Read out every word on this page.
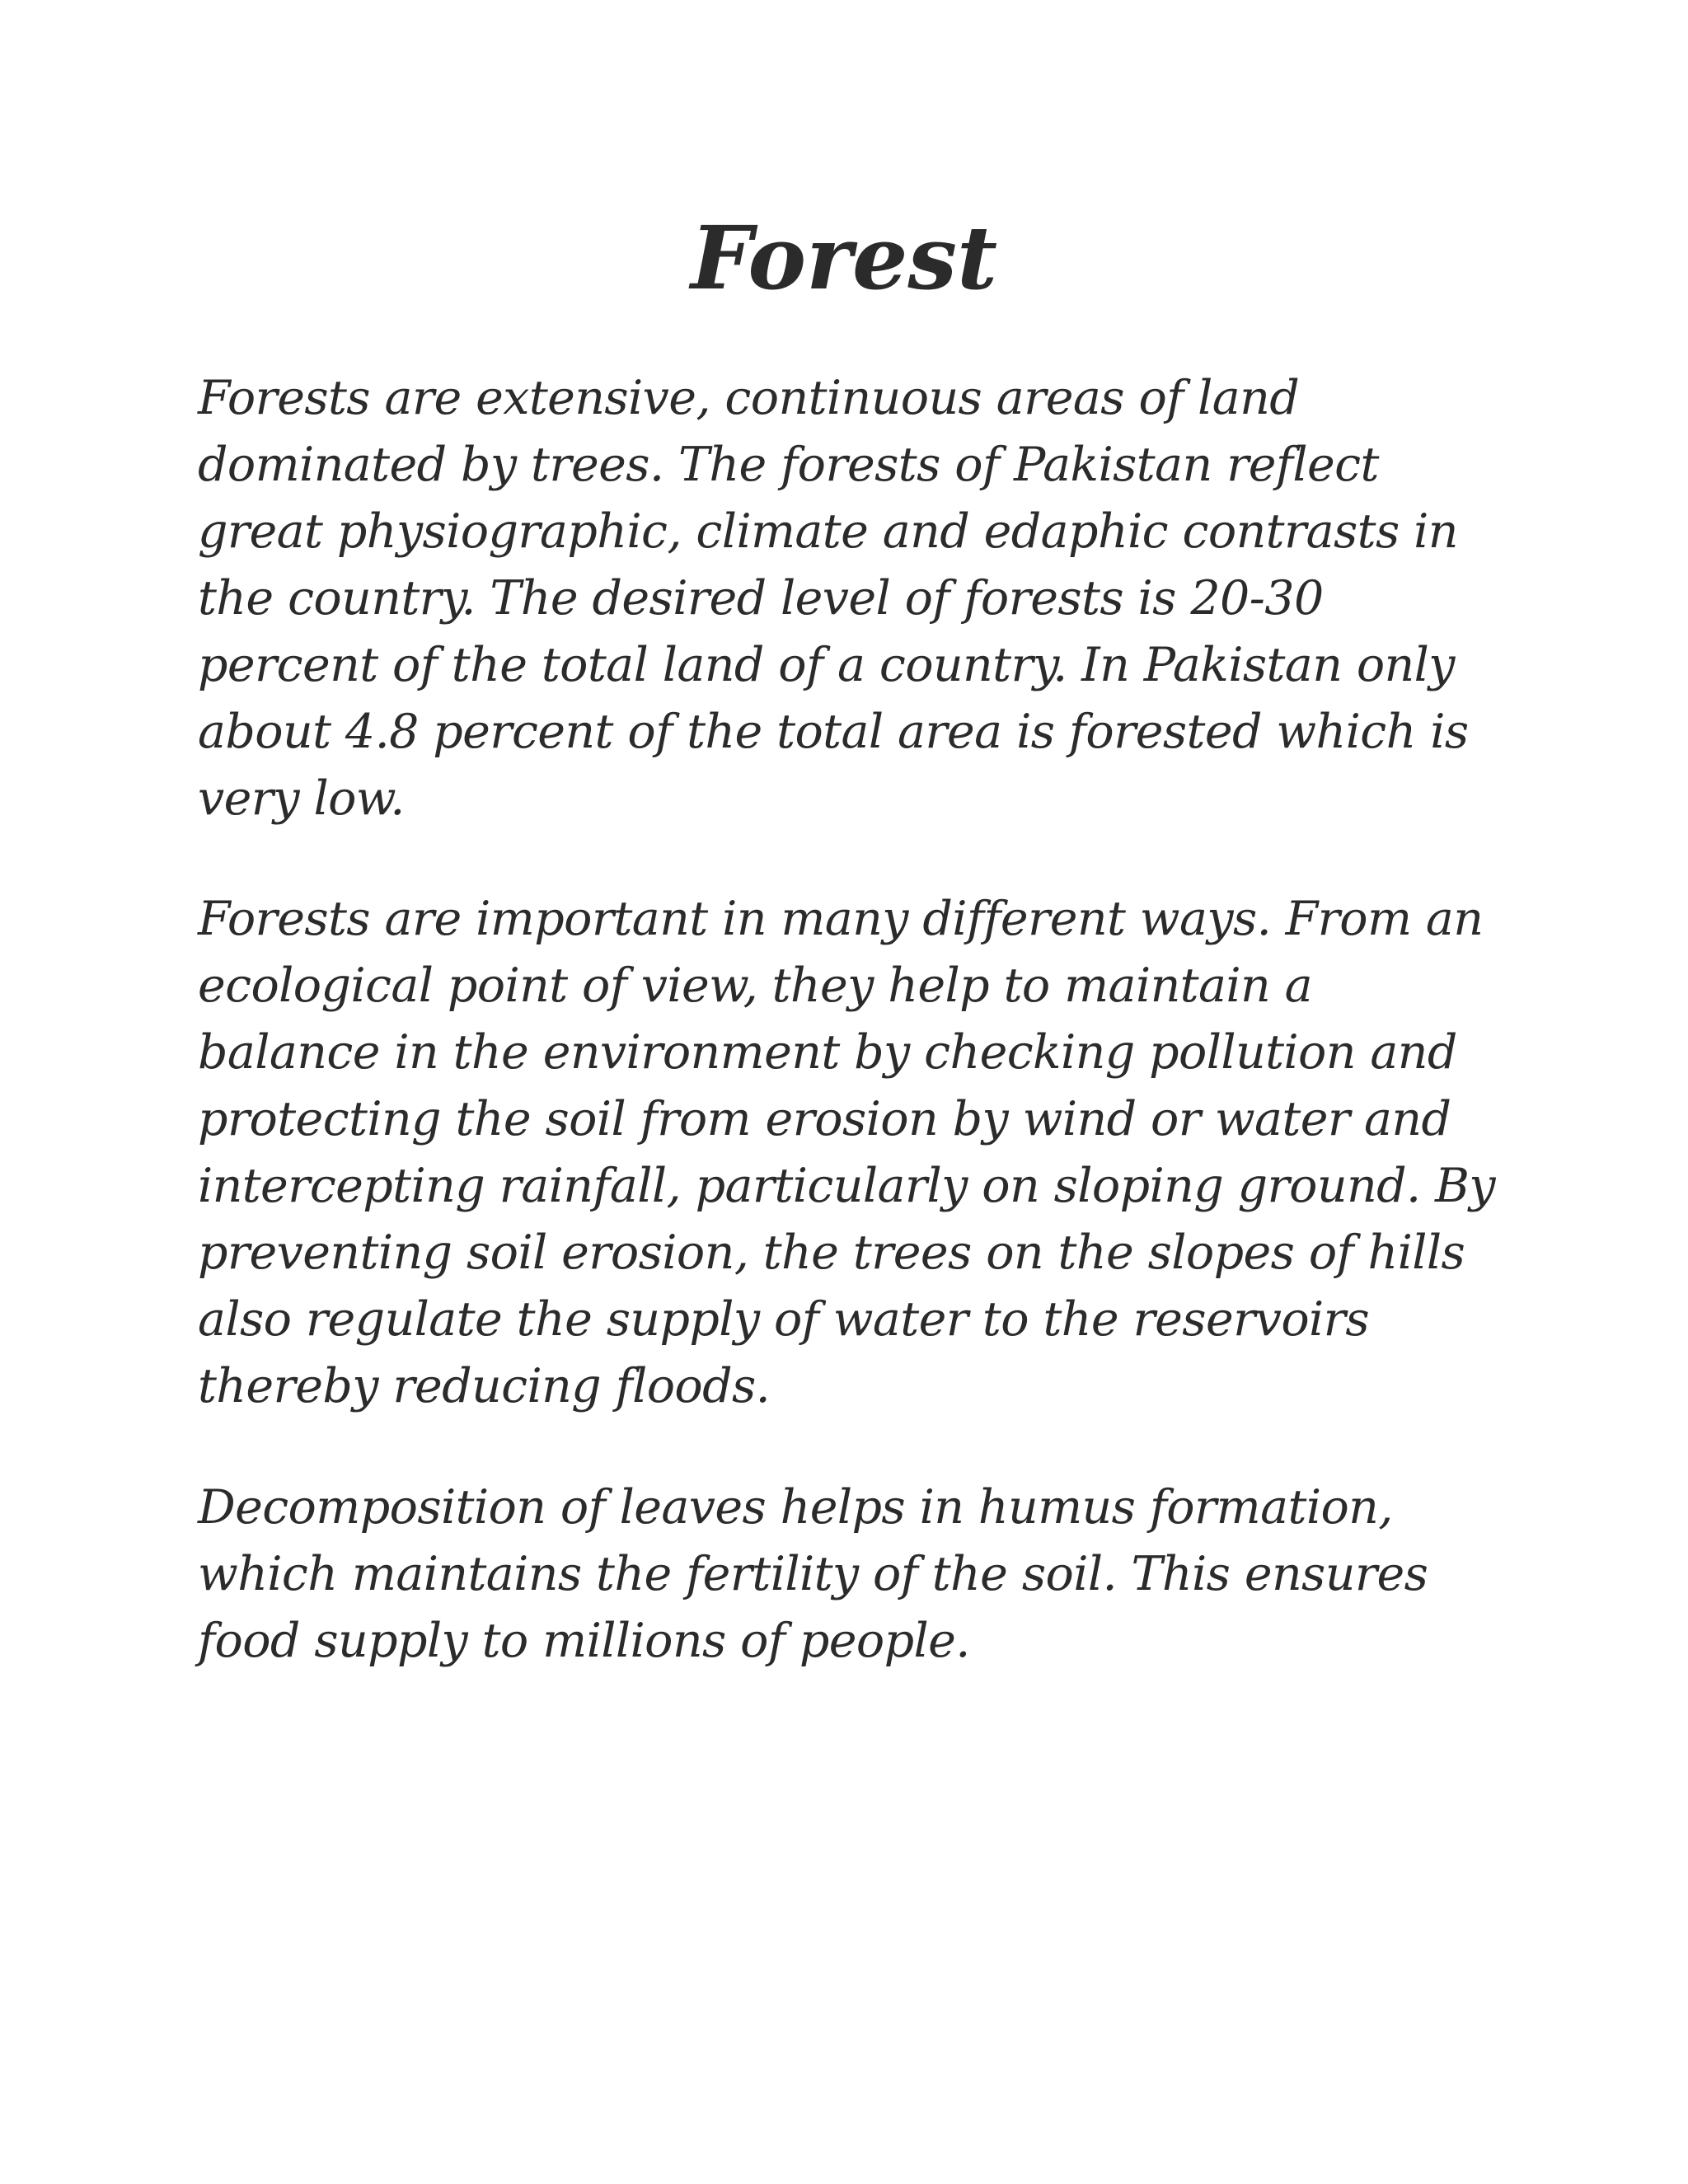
Forest

Forests are extensive, continuous areas of land dominated by trees. The forests of Pakistan reflect great physiographic, climate and edaphic contrasts in the country. The desired level of forests is 20-30 percent of the total land of a country. In Pakistan only about 4.8 percent of the total area is forested which is very low.

Forests are important in many different ways. From an ecological point of view, they help to maintain a balance in the environment by checking pollution and protecting the soil from erosion by wind or water and intercepting rainfall, particularly on sloping ground. By preventing soil erosion, the trees on the slopes of hills also regulate the supply of water to the reservoirs thereby reducing floods.

Decomposition of leaves helps in humus formation, which maintains the fertility of the soil. This ensures food supply to millions of people.
